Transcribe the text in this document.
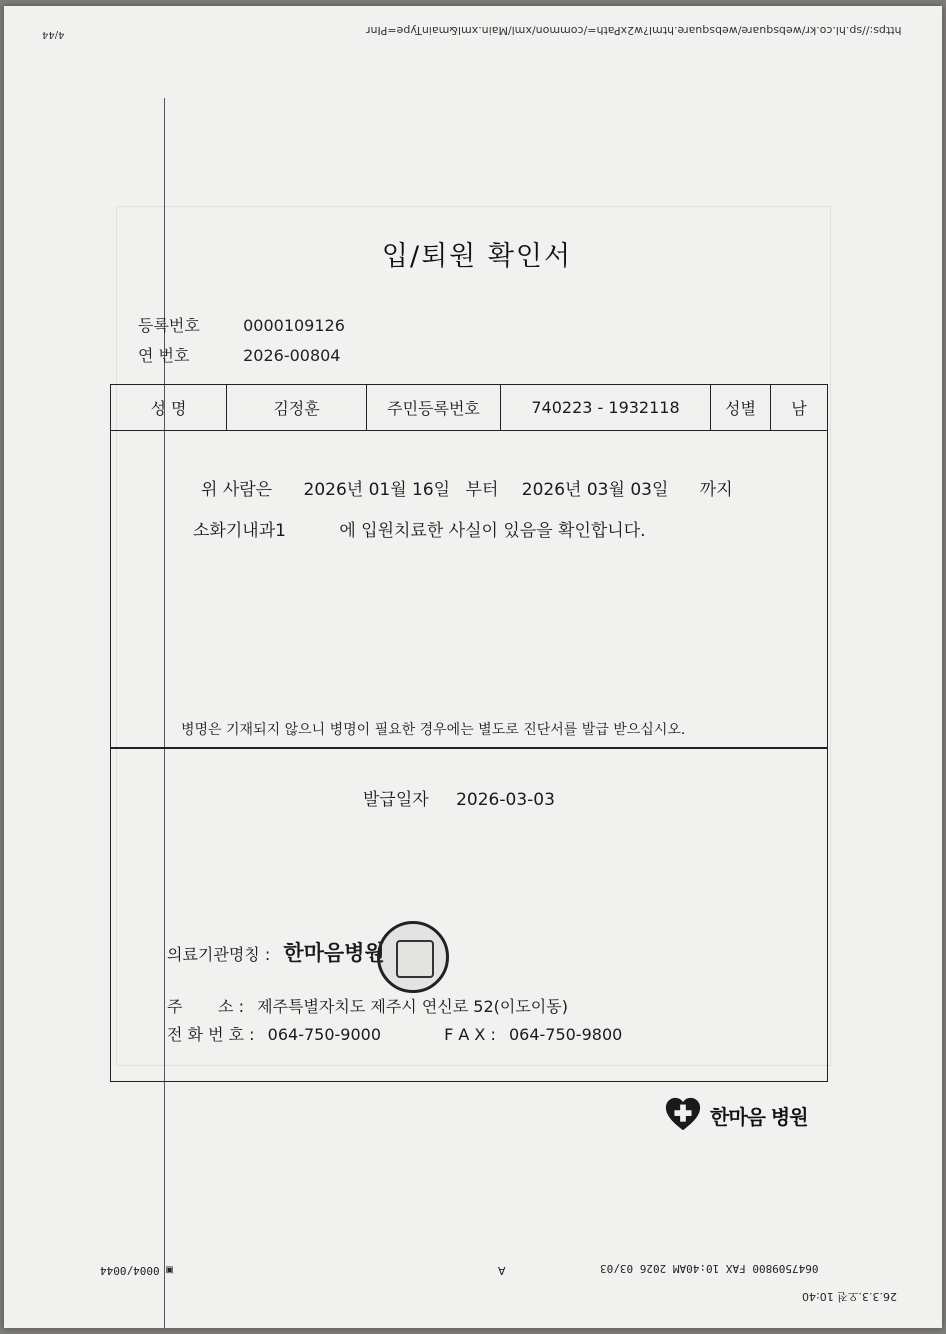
https://sp.hl.co.kr/websquare/websquare.html?w2xPath=/common/xml/Main.xml&mainType=PInr
4/44
입/퇴원 확인서
등록번호	0000109126
연 번호	2026-00804
성 명	김정훈	주민등록번호	740223 - 1932118	성별	남
위 사람은 2026년 01월 16일 부터 2026년 03월 03일 까지
소화기내과1	에 입원치료한 사실이 있음을 확인합니다.
병명은 기재되지 않으니 병명이 필요한 경우에는 별도로 진단서를 발급 받으십시오.
발급일자 2026-03-03
의료기관명칭 : 한마음병원
주       소 : 제주특별자치도 제주시 연신로 52(이도이동)
전 화 번 호 : 064-750-9000	F A X : 064-750-9800
한마음 병원
▣ 0004/0044	A	0647509800 FAX 10:40AM 2026 03/03
26.3.3.오전 10:40
